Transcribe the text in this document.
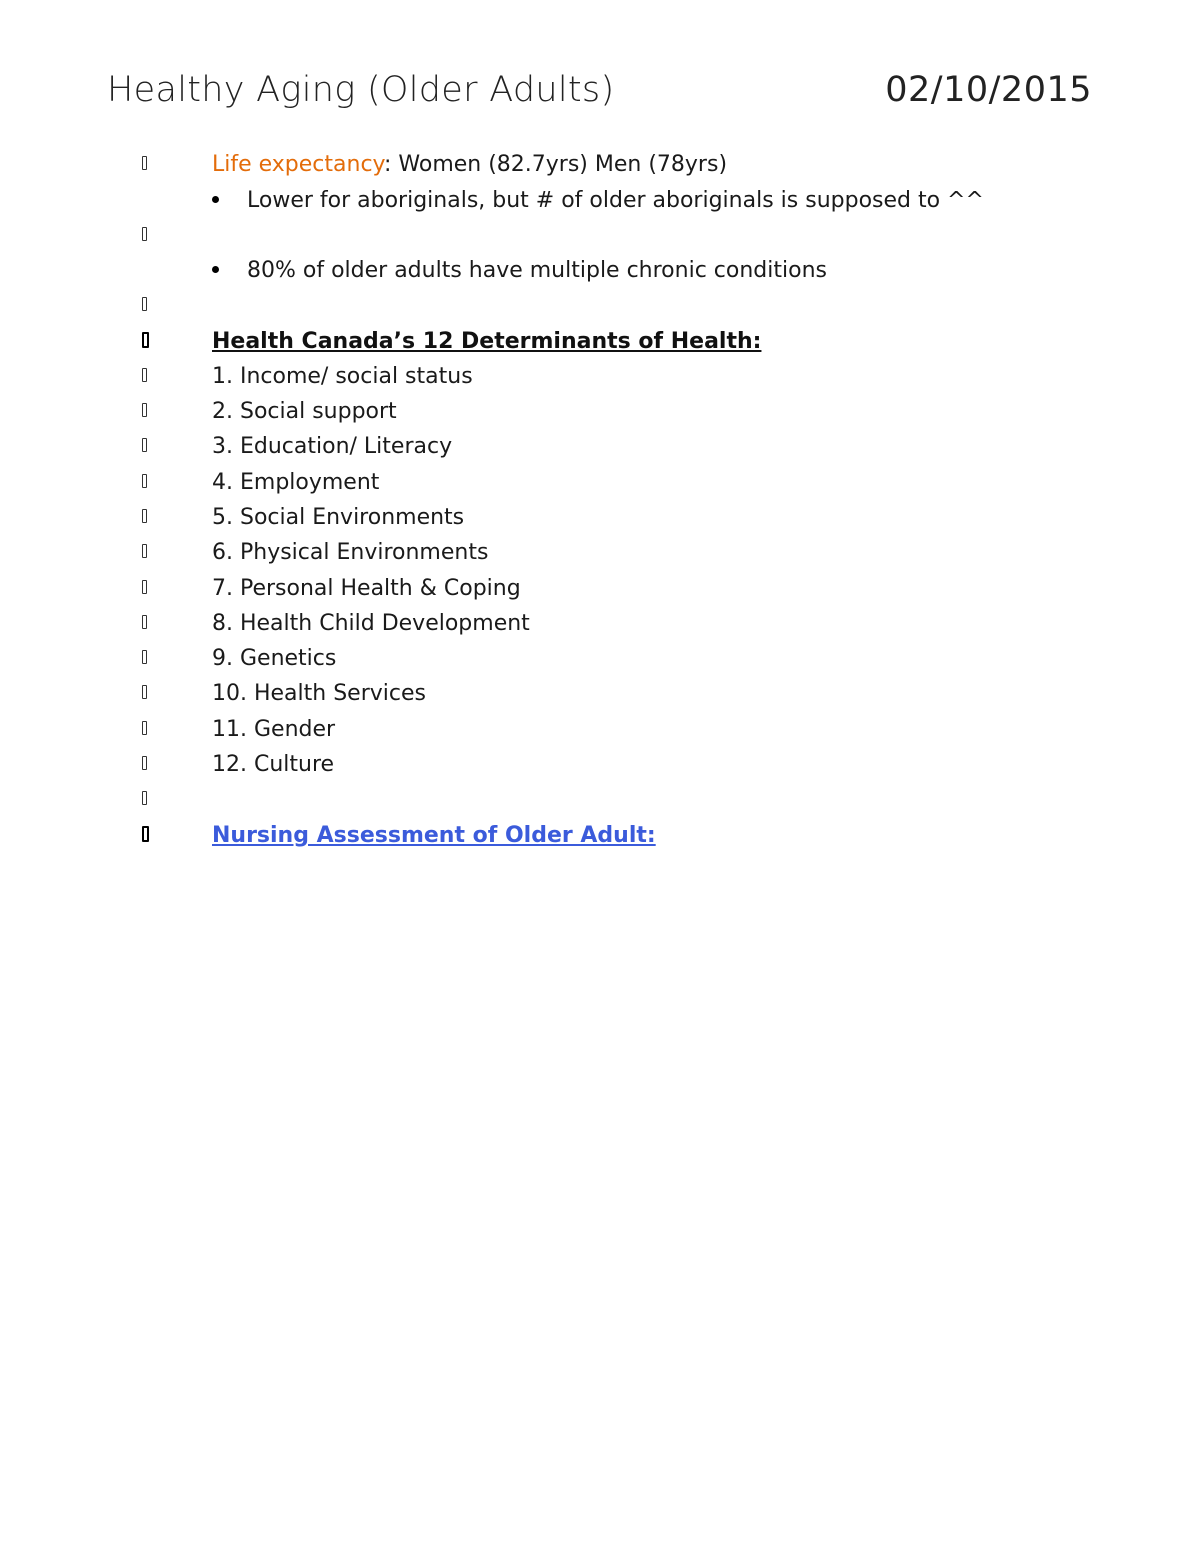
Healthy Aging (Older Adults)	02/10/2015
Life expectancy: Women (82.7yrs) Men (78yrs)
Lower for aboriginals, but # of older aboriginals is supposed to ^^
80% of older adults have multiple chronic conditions
Health Canada’s 12 Determinants of Health:
1. Income/ social status
2. Social support
3. Education/ Literacy
4. Employment
5. Social Environments
6. Physical Environments
7. Personal Health & Coping
8. Health Child Development
9. Genetics
10. Health Services
11. Gender
12. Culture
Nursing Assessment of Older Adult:
